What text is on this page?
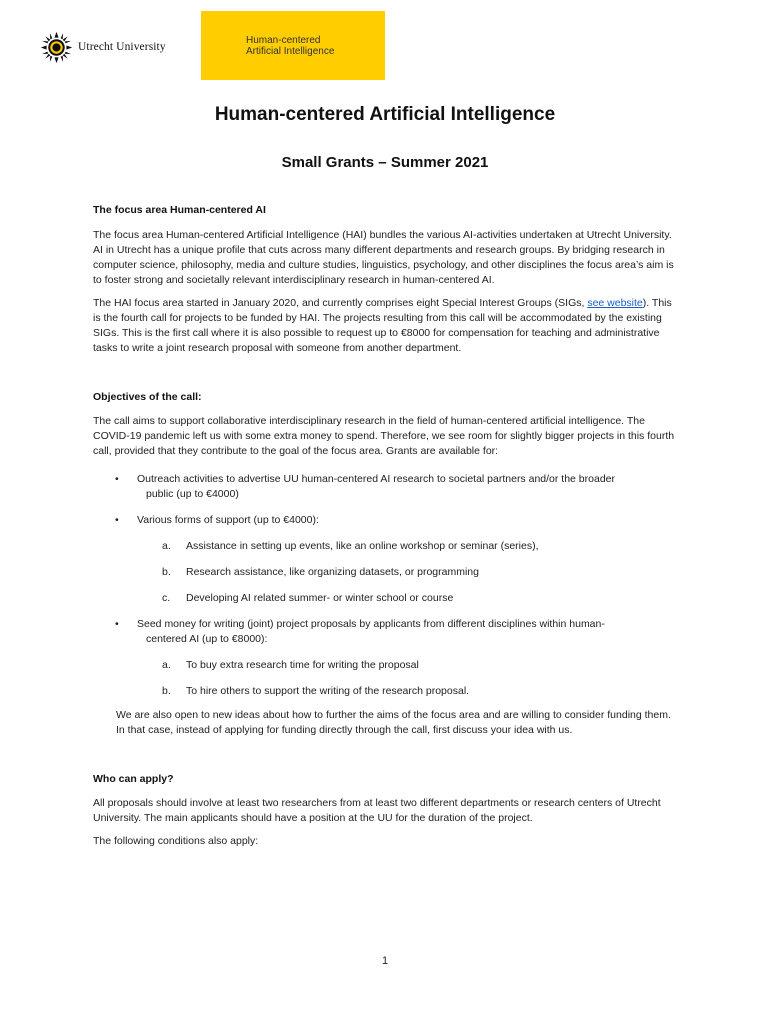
Utrecht University
Human-centered
Artificial Intelligence
Human-centered Artificial Intelligence
Small Grants – Summer 2021

The focus area Human-centered AI

The focus area Human-centered Artificial Intelligence (HAI) bundles the various AI-activities undertaken at Utrecht University. AI in Utrecht has a unique profile that cuts across many different departments and research groups. By bridging research in computer science, philosophy, media and culture studies, linguistics, psychology, and other disciplines the focus area’s aim is to foster strong and societally relevant interdisciplinary research in human-centered AI.

The HAI focus area started in January 2020, and currently comprises eight Special Interest Groups (SIGs, see website). This is the fourth call for projects to be funded by HAI. The projects resulting from this call will be accommodated by the existing SIGs. This is the first call where it is also possible to request up to €8000 for compensation for teaching and administrative tasks to write a joint research proposal with someone from another department.

Objectives of the call:

The call aims to support collaborative interdisciplinary research in the field of human-centered artificial intelligence. The COVID-19 pandemic left us with some extra money to spend. Therefore, we see room for slightly bigger projects in this fourth call, provided that they contribute to the goal of the focus area. Grants are available for:

• Outreach activities to advertise UU human-centered AI research to societal partners and/or the broader
public (up to €4000)
• Various forms of support (up to €4000):
a. Assistance in setting up events, like an online workshop or seminar (series),
b. Research assistance, like organizing datasets, or programming
c. Developing AI related summer- or winter school or course
• Seed money for writing (joint) project proposals by applicants from different disciplines within human-
centered AI (up to €8000):
a. To buy extra research time for writing the proposal
b. To hire others to support the writing of the research proposal.

We are also open to new ideas about how to further the aims of the focus area and are willing to consider funding them. In that case, instead of applying for funding directly through the call, first discuss your idea with us.

Who can apply?

All proposals should involve at least two researchers from at least two different departments or research centers of Utrecht University. The main applicants should have a position at the UU for the duration of the project.

The following conditions also apply:

1
